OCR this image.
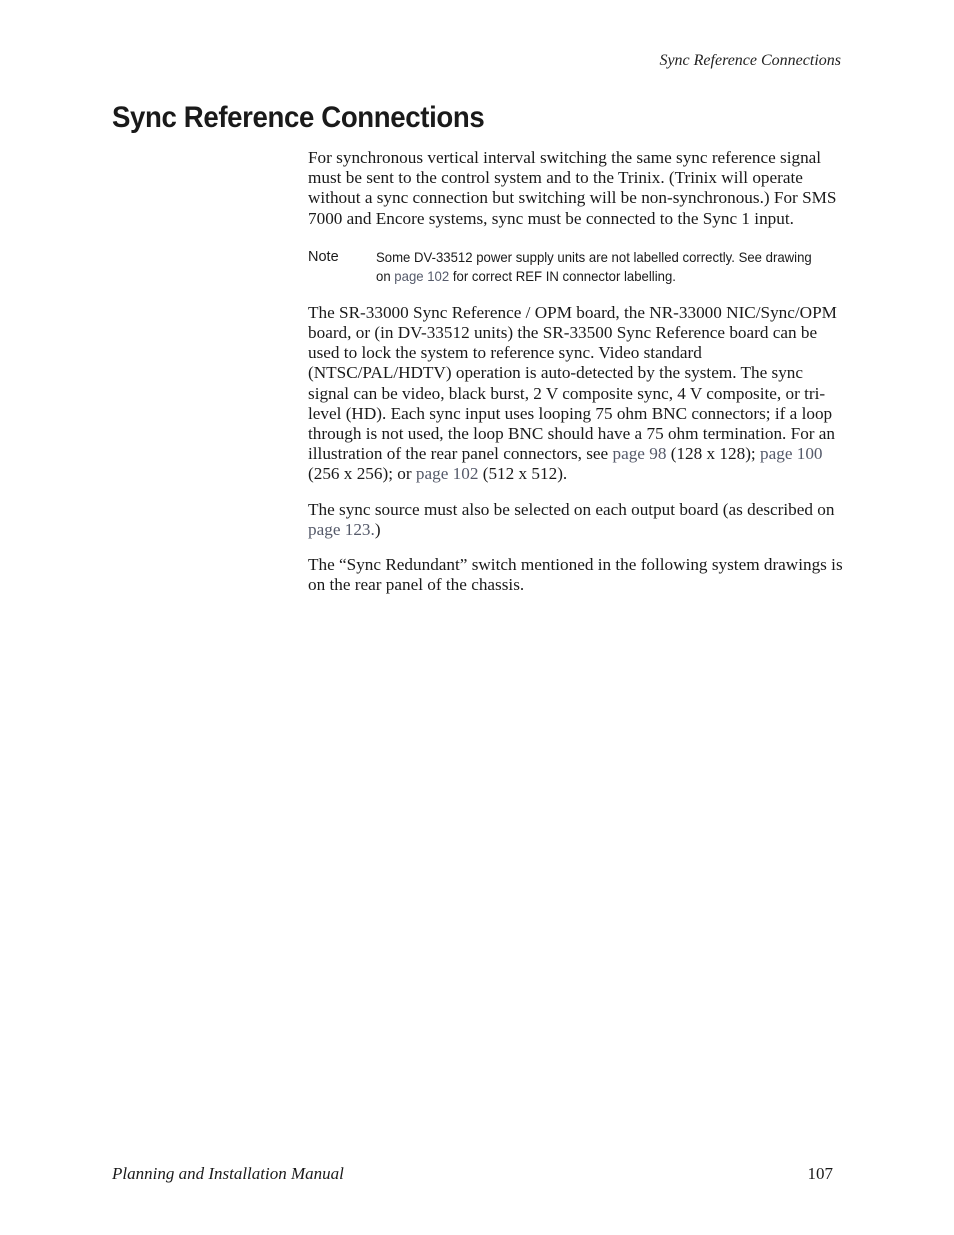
Sync Reference Connections
Sync Reference Connections

For synchronous vertical interval switching the same sync reference signal must be sent to the control system and to the Trinix. (Trinix will operate without a sync connection but switching will be non-synchronous.) For SMS 7000 and Encore systems, sync must be connected to the Sync 1 input.

Note	Some DV-33512 power supply units are not labelled correctly. See drawing on page 102 for correct REF IN connector labelling.

The SR-33000 Sync Reference / OPM board, the NR-33000 NIC/Sync/OPM board, or (in DV-33512 units) the SR-33500 Sync Reference board can be used to lock the system to reference sync. Video standard (NTSC/PAL/HDTV) operation is auto-detected by the system. The sync signal can be video, black burst, 2 V composite sync, 4 V composite, or tri-level (HD). Each sync input uses looping 75 ohm BNC connectors; if a loop through is not used, the loop BNC should have a 75 ohm termination. For an illustration of the rear panel connectors, see page 98 (128 x 128); page 100 (256 x 256); or page 102 (512 x 512).

The sync source must also be selected on each output board (as described on page 123.)

The “Sync Redundant” switch mentioned in the following system drawings is on the rear panel of the chassis.

Planning and Installation Manual	107
